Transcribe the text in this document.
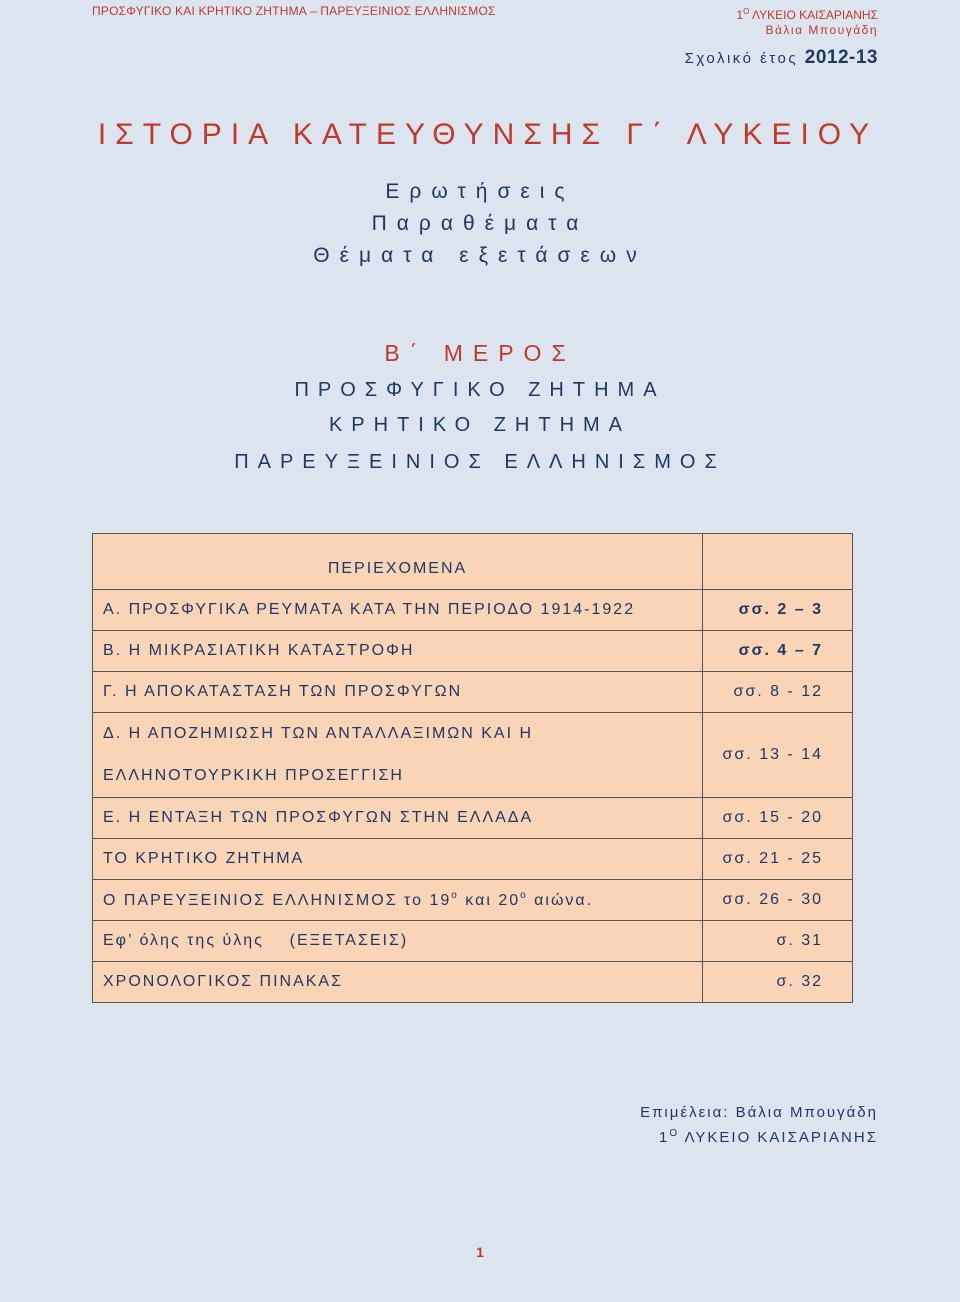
ΠΡΟΣΦΥΓΙΚΟ ΚΑΙ ΚΡΗΤΙΚΟ ΖΗΤΗΜΑ – ΠΑΡΕΥΞΕΙΝΙΟΣ ΕΛΛΗΝΙΣΜΟΣ	$1^O$ ΛΥΚΕΙΟ ΚΑΙΣΑΡΙΑΝΗΣ
Βάλια Μπουγάδη
Σχολικό έτος 2012-13
ΙΣΤΟΡΙΑ ΚΑΤΕΥΘΥΝΣΗΣ Γ΄ ΛΥΚΕΙΟΥ
Ερωτήσεις
Παραθέματα
Θέματα εξετάσεων
Β΄ ΜΕΡΟΣ
ΠΡΟΣΦΥΓΙΚΟ ΖΗΤΗΜΑ
ΚΡΗΤΙΚΟ ΖΗΤΗΜΑ
ΠΑΡΕΥΞΕΙΝΙΟΣ ΕΛΛΗΝΙΣΜΟΣ
ΠΕΡΙΕΧΟΜΕΝΑ	
Α. ΠΡΟΣΦΥΓΙΚΑ ΡΕΥΜΑΤΑ ΚΑΤΑ ΤΗΝ ΠΕΡΙΟΔΟ 1914-1922	σσ. 2 – 3
Β. Η ΜΙΚΡΑΣΙΑΤΙΚΗ ΚΑΤΑΣΤΡΟΦΗ	σσ. 4 – 7
Γ. Η ΑΠΟΚΑΤΑΣΤΑΣΗ ΤΩΝ ΠΡΟΣΦΥΓΩΝ	σσ. 8 - 12

Δ. Η ΑΠΟΖΗΜΙΩΣΗ ΤΩΝ ΑΝΤΑΛΛΑΞΙΜΩΝ ΚΑΙ Η
ΕΛΛΗΝΟΤΟΥΡΚΙΚΗ ΠΡΟΣΕΓΓΙΣΗ	σσ. 13 - 14
Ε. Η ΕΝΤΑΞΗ ΤΩΝ ΠΡΟΣΦΥΓΩΝ ΣΤΗΝ ΕΛΛΑΔΑ	σσ. 15 - 20
ΤΟ ΚΡΗΤΙΚΟ ΖΗΤΗΜΑ	σσ. 21 - 25
Ο ΠΑΡΕΥΞΕΙΝΙΟΣ ΕΛΛΗΝΙΣΜΟΣ το $19^o$ και $20^o$ αιώνα.	σσ. 26 - 30
Εφ’ όλης της ύλης    (ΕΞΕΤΑΣΕΙΣ)	σ. 31
ΧΡΟΝΟΛΟΓΙΚΟΣ ΠΙΝΑΚΑΣ	σ. 32
Επιμέλεια: Βάλια Μπουγάδη
$1^O$ ΛΥΚΕΙΟ ΚΑΙΣΑΡΙΑΝΗΣ
1
